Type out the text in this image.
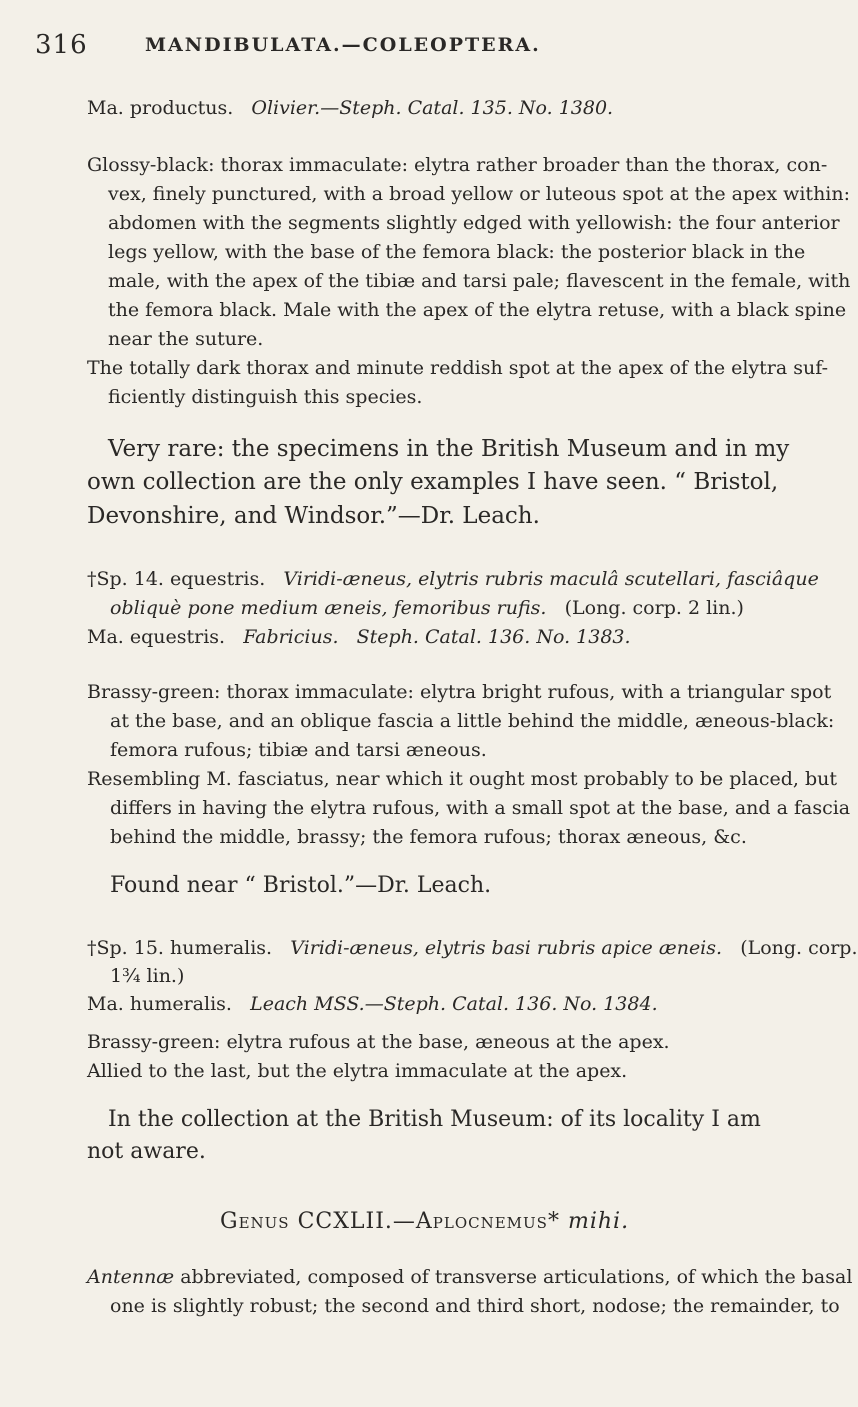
316	MANDIBULATA.—COLEOPTERA.
Ma. productus. Olivier.—Steph. Catal. 135. No. 1380.
Glossy-black: thorax immaculate: elytra rather broader than the thorax, con-
vex, finely punctured, with a broad yellow or luteous spot at the apex within:
abdomen with the segments slightly edged with yellowish: the four anterior
legs yellow, with the base of the femora black: the posterior black in the
male, with the apex of the tibiæ and tarsi pale; flavescent in the female, with
the femora black. Male with the apex of the elytra retuse, with a black spine
near the suture.
The totally dark thorax and minute reddish spot at the apex of the elytra suf-
ficiently distinguish this species.
Very rare: the specimens in the British Museum and in my
own collection are the only examples I have seen. “ Bristol,
Devonshire, and Windsor.”—Dr. Leach.
†Sp. 14. equestris. Viridi-æneus, elytris rubris maculâ scutellari, fasciâque
obliquè pone medium æneis, femoribus rufis. (Long. corp. 2 lin.)
Ma. equestris. Fabricius. Steph. Catal. 136. No. 1383.
Brassy-green: thorax immaculate: elytra bright rufous, with a triangular spot
at the base, and an oblique fascia a little behind the middle, æneous-black:
femora rufous; tibiæ and tarsi æneous.
Resembling M. fasciatus, near which it ought most probably to be placed, but
differs in having the elytra rufous, with a small spot at the base, and a fascia
behind the middle, brassy; the femora rufous; thorax æneous, &c.
Found near “ Bristol.”—Dr. Leach.
†Sp. 15. humeralis. Viridi-æneus, elytris basi rubris apice æneis. (Long. corp.
1¾ lin.)
Ma. humeralis. Leach MSS.—Steph. Catal. 136. No. 1384.
Brassy-green: elytra rufous at the base, æneous at the apex.
Allied to the last, but the elytra immaculate at the apex.
In the collection at the British Museum: of its locality I am
not aware.
Genus CCXLII.—Aplocnemus* mihi.
Antennæ abbreviated, composed of transverse articulations, of which the basal
one is slightly robust; the second and third short, nodose; the remainder, to
